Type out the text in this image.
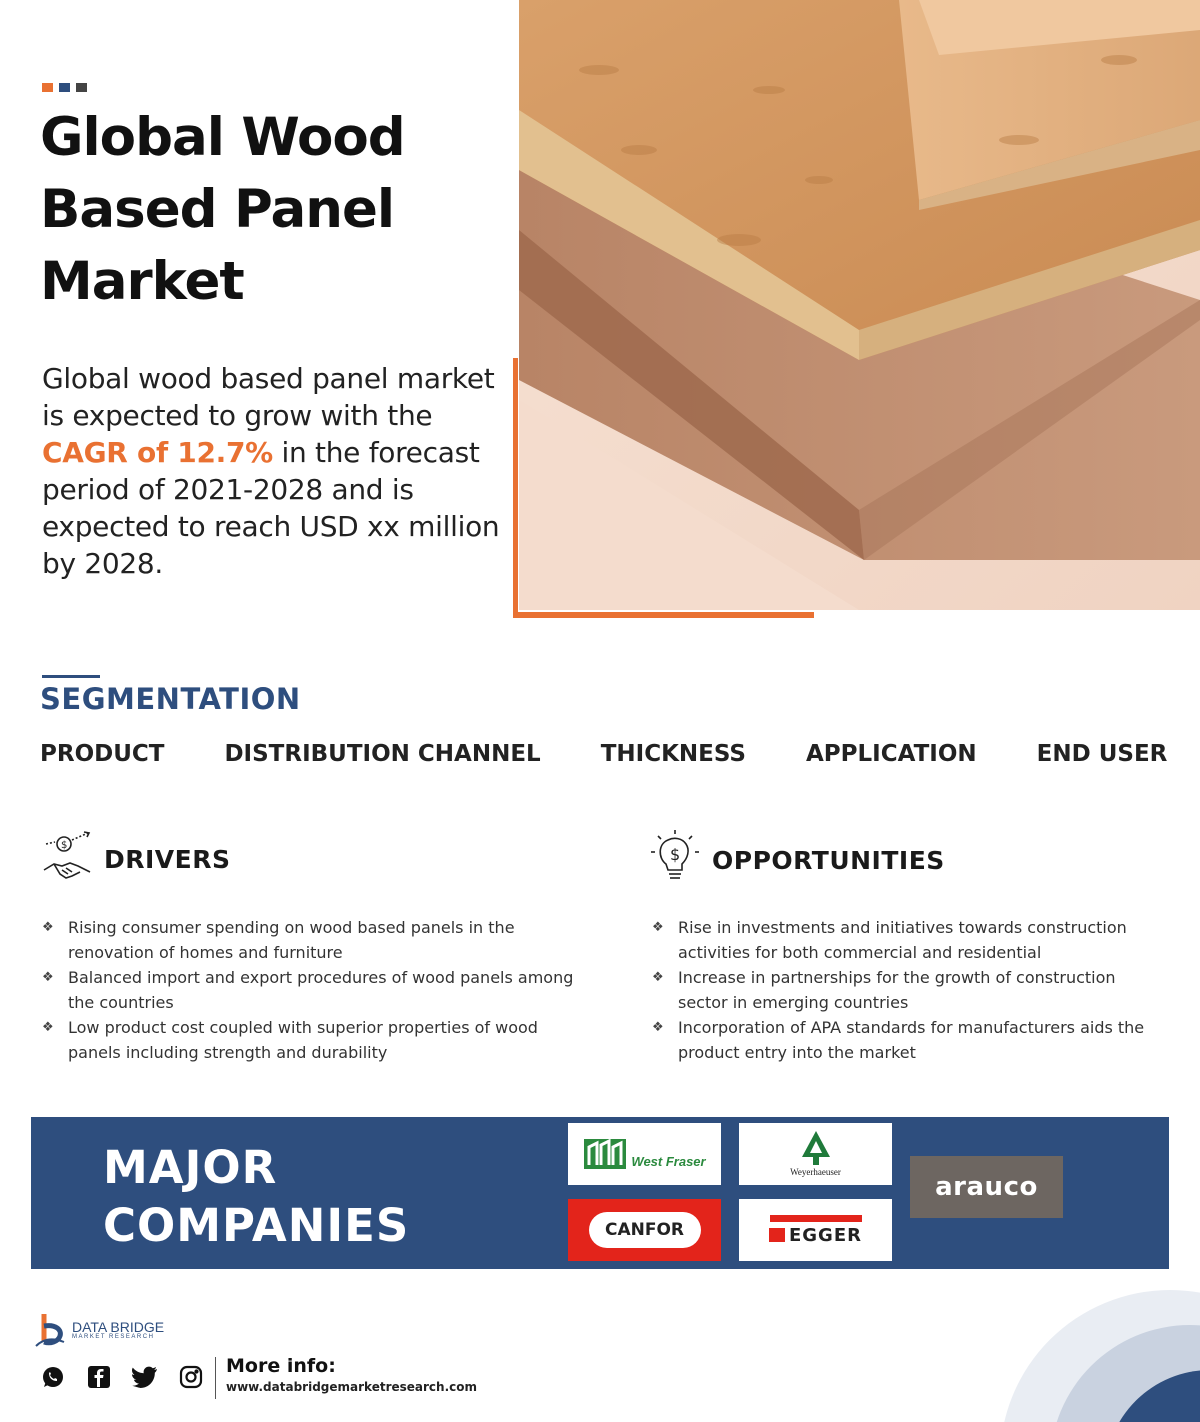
Global Wood
Based Panel
Market

Global wood based panel market is expected to grow with the CAGR of 12.7% in the forecast period of 2021-2028 and is expected to reach USD xx million by 2028.

SEGMENTATION
PRODUCT	DISTRIBUTION CHANNEL	THICKNESS	APPLICATION	END USER
$ DRIVERS
❖ Rising consumer spending on wood based panels in the renovation of homes and furniture
❖ Balanced import and export procedures of wood panels among the countries
❖ Low product cost coupled with superior properties of wood panels including strength and durability
$ OPPORTUNITIES
❖ Rise in investments and initiatives towards construction activities for both commercial and residential
❖ Increase in partnerships for the growth of construction sector in emerging countries
❖ Incorporation of APA standards for manufacturers aids the product entry into the market
MAJOR
COMPANIES
West Fraser
Weyerhaeuser	arauco
CANFOR	EGGER
DATA BRIDGE
MARKET RESEARCH
More info:
www.databridgemarketresearch.com
